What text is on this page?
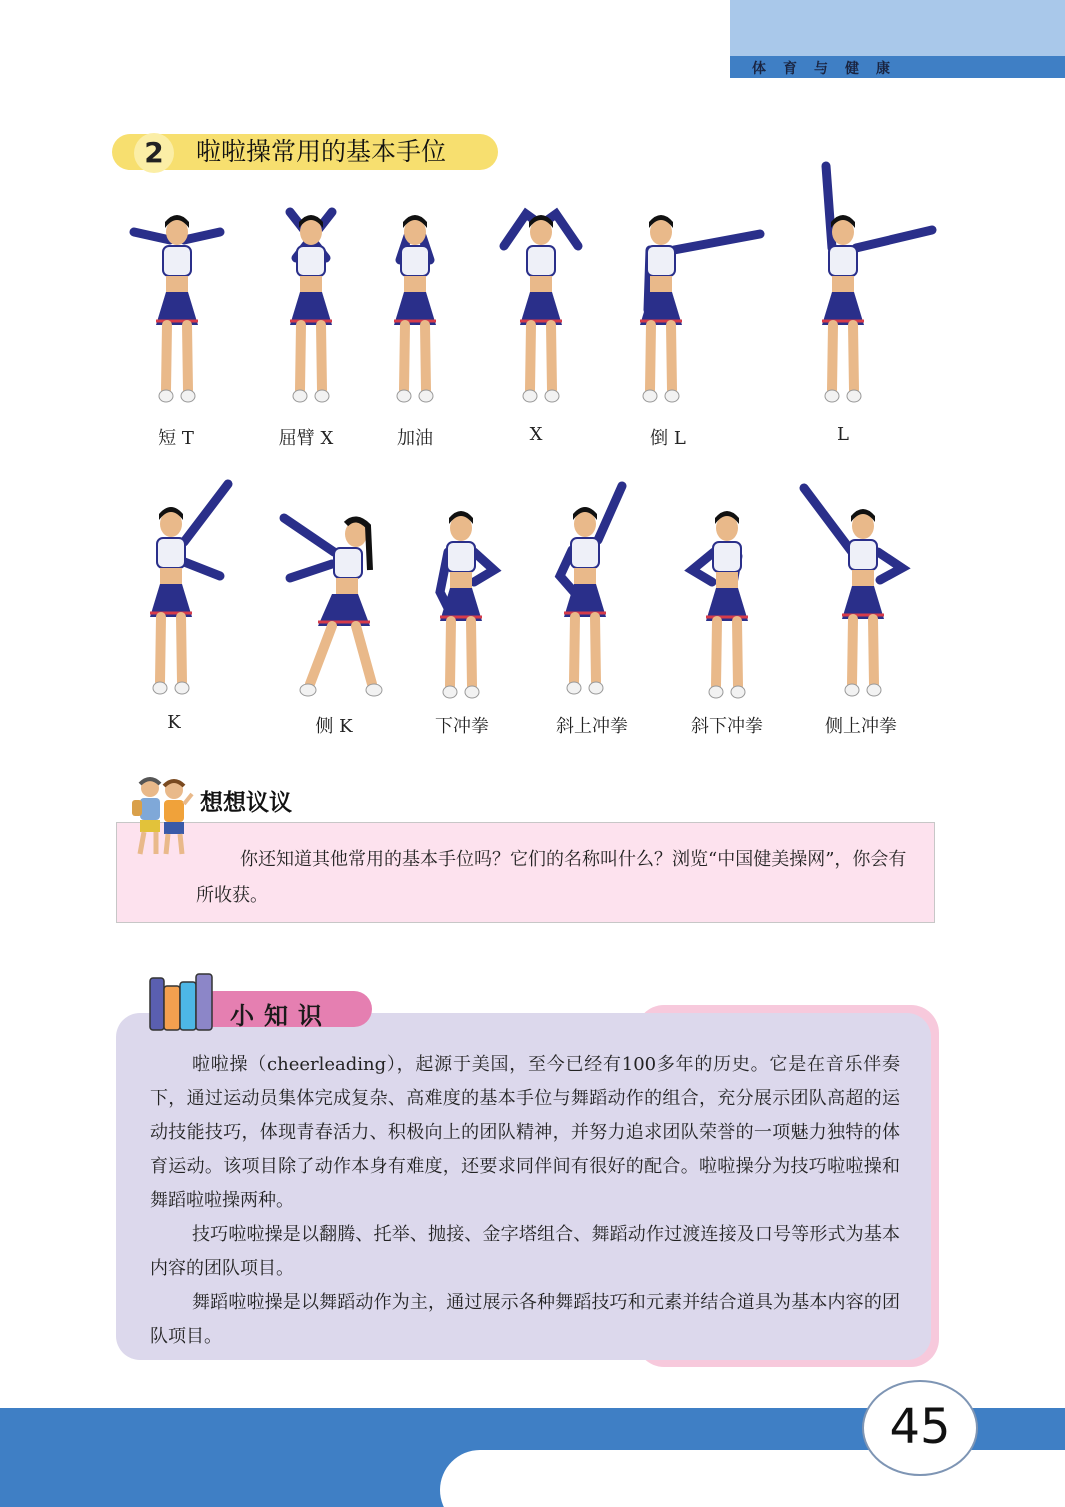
体育与健康
2	啦啦操常用的基本手位
短 T	屈臂 X	加油	X	倒 L	L
K	侧 K	下冲拳	斜上冲拳	斜下冲拳	侧上冲拳
想想议议
你还知道其他常用的基本手位吗？它们的名称叫什么？浏览“中国健美操网”，你会有所收获。
小知识

啦啦操（cheerleading），起源于美国，至今已经有100多年的历史。它是在音乐伴奏下，通过运动员集体完成复杂、高难度的基本手位与舞蹈动作的组合，充分展示团队高超的运动技能技巧，体现青春活力、积极向上的团队精神，并努力追求团队荣誉的一项魅力独特的体育运动。该项目除了动作本身有难度，还要求同伴间有很好的配合。啦啦操分为技巧啦啦操和舞蹈啦啦操两种。

技巧啦啦操是以翻腾、托举、抛接、金字塔组合、舞蹈动作过渡连接及口号等形式为基本内容的团队项目。

舞蹈啦啦操是以舞蹈动作为主，通过展示各种舞蹈技巧和元素并结合道具为基本内容的团队项目。

45
